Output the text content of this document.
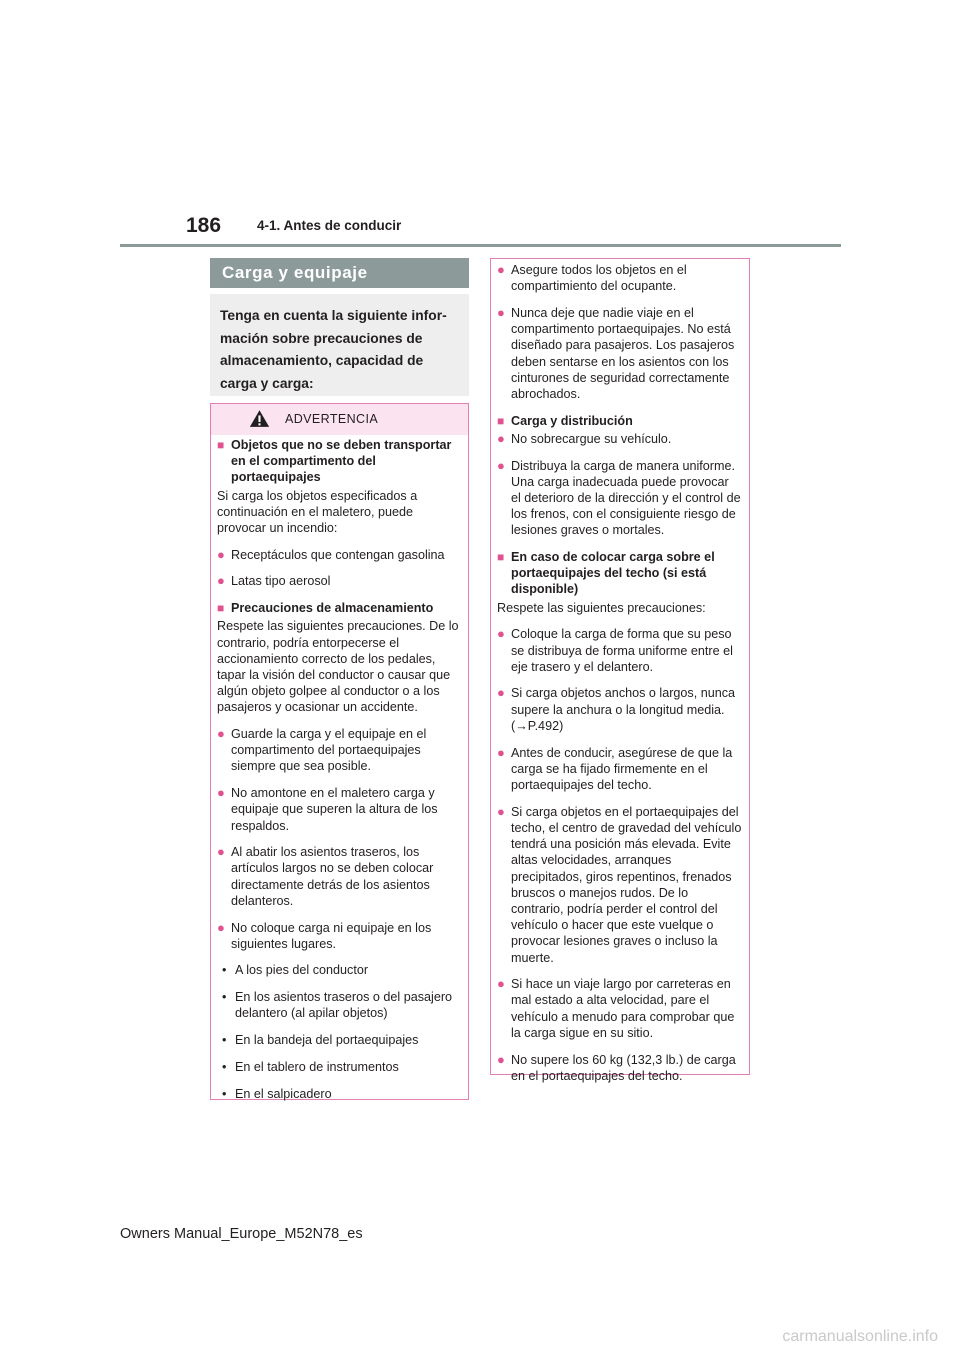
186	4-1. Antes de conducir
Carga y equipaje
Tenga en cuenta la siguiente infor-
mación sobre precauciones de
almacenamiento, capacidad de
carga y carga:
ADVERTENCIA
■ Objetos que no se deben transportar en el compartimento del portaequipajes
Si carga los objetos especificados a continuación en el maletero, puede provocar un incendio:
● Receptáculos que contengan gasolina
● Latas tipo aerosol
■ Precauciones de almacenamiento
Respete las siguientes precauciones. De lo contrario, podría entorpecerse el accionamiento correcto de los pedales, tapar la visión del conductor o causar que algún objeto golpee al conductor o a los pasajeros y ocasionar un accidente.
● Guarde la carga y el equipaje en el compartimento del portaequipajes siempre que sea posible.
● No amontone en el maletero carga y equipaje que superen la altura de los respaldos.
● Al abatir los asientos traseros, los artículos largos no se deben colocar directamente detrás de los asientos delanteros.
● No coloque carga ni equipaje en los siguientes lugares.
• A los pies del conductor
• En los asientos traseros o del pasajero delantero (al apilar objetos)
• En la bandeja del portaequipajes
• En el tablero de instrumentos
• En el salpicadero
● Asegure todos los objetos en el compartimiento del ocupante.
● Nunca deje que nadie viaje en el compartimento portaequipajes. No está diseñado para pasajeros. Los pasajeros deben sentarse en los asientos con los cinturones de seguridad correctamente abrochados.
■ Carga y distribución
● No sobrecargue su vehículo.
● Distribuya la carga de manera uniforme. Una carga inadecuada puede provocar el deterioro de la dirección y el control de los frenos, con el consiguiente riesgo de lesiones graves o mortales.
■ En caso de colocar carga sobre el portaequipajes del techo (si está disponible)
Respete las siguientes precauciones:
● Coloque la carga de forma que su peso se distribuya de forma uniforme entre el eje trasero y el delantero.
● Si carga objetos anchos o largos, nunca supere la anchura o la longitud media. (→P.492)
● Antes de conducir, asegúrese de que la carga se ha fijado firmemente en el portaequipajes del techo.
● Si carga objetos en el portaequipajes del techo, el centro de gravedad del vehículo tendrá una posición más elevada. Evite altas velocidades, arranques precipitados, giros repentinos, frenados bruscos o manejos rudos. De lo contrario, podría perder el control del vehículo o hacer que este vuelque o provocar lesiones graves o incluso la muerte.
● Si hace un viaje largo por carreteras en mal estado a alta velocidad, pare el vehículo a menudo para comprobar que la carga sigue en su sitio.
● No supere los 60 kg (132,3 lb.) de carga en el portaequipajes del techo.
Owners Manual_Europe_M52N78_es
carmanualsonline.info
